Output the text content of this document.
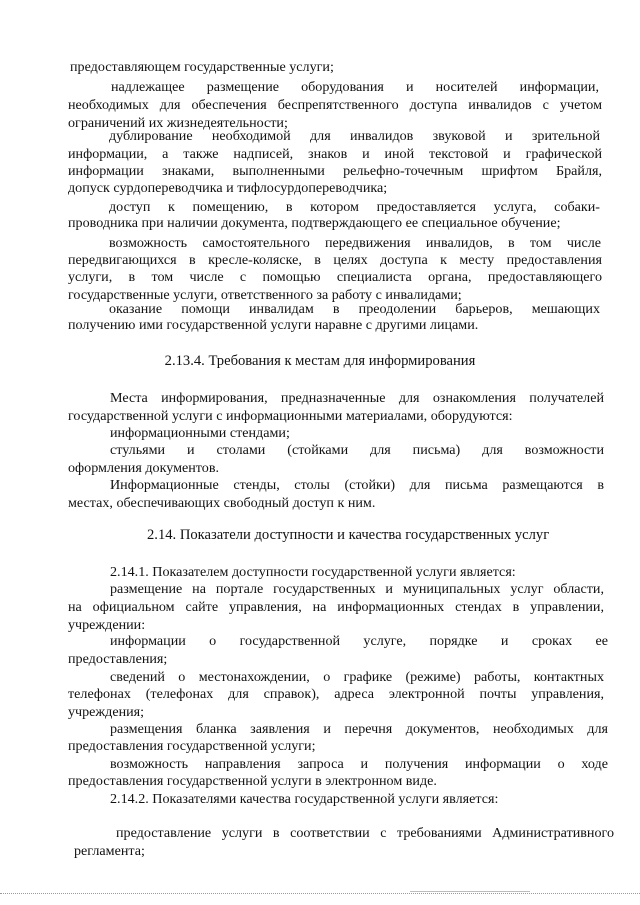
предоставляющем государственные услуги;
надлежащее размещение оборудования и носителей информации,
необходимых для обеспечения беспрепятственного доступа инвалидов с учетом
ограничений их жизнедеятельности;
дублирование необходимой для инвалидов звуковой и зрительной
информации, а также надписей, знаков и иной текстовой и графической
информации знаками, выполненными рельефно-точечным шрифтом Брайля,
допуск сурдопереводчика и тифлосурдопереводчика;
доступ к помещению, в котором предоставляется услуга, собаки-
проводника при наличии документа, подтверждающего ее специальное обучение;
возможность самостоятельного передвижения инвалидов, в том числе
передвигающихся в кресле-коляске, в целях доступа к месту предоставления
услуги, в том числе с помощью специалиста органа, предоставляющего
государственные услуги, ответственного за работу с инвалидами;
оказание помощи инвалидам в преодолении барьеров, мешающих
получению ими государственной услуги наравне с другими лицами.
2.13.4. Требования к местам для информирования
Места информирования, предназначенные для ознакомления получателей
государственной услуги с информационными материалами, оборудуются:
информационными стендами;
стульями и столами (стойками для письма) для возможности
оформления документов.
Информационные стенды, столы (стойки) для письма размещаются в
местах, обеспечивающих свободный доступ к ним.
2.14. Показатели доступности и качества государственных услуг
2.14.1. Показателем доступности государственной услуги является:
размещение на портале государственных и муниципальных услуг области,
на официальном сайте управления, на информационных стендах в управлении,
учреждении:
информации о государственной услуге, порядке и сроках ее
предоставления;
сведений о местонахождении, о графике (режиме) работы, контактных
телефонах (телефонах для справок), адреса электронной почты управления,
учреждения;
размещения бланка заявления и перечня документов, необходимых для
предоставления государственной услуги;
возможность направления запроса и получения информации о ходе
предоставления государственной услуги в электронном виде.
2.14.2. Показателями качества государственной услуги является:
предоставление услуги в соответствии с требованиями Административного
регламента;
